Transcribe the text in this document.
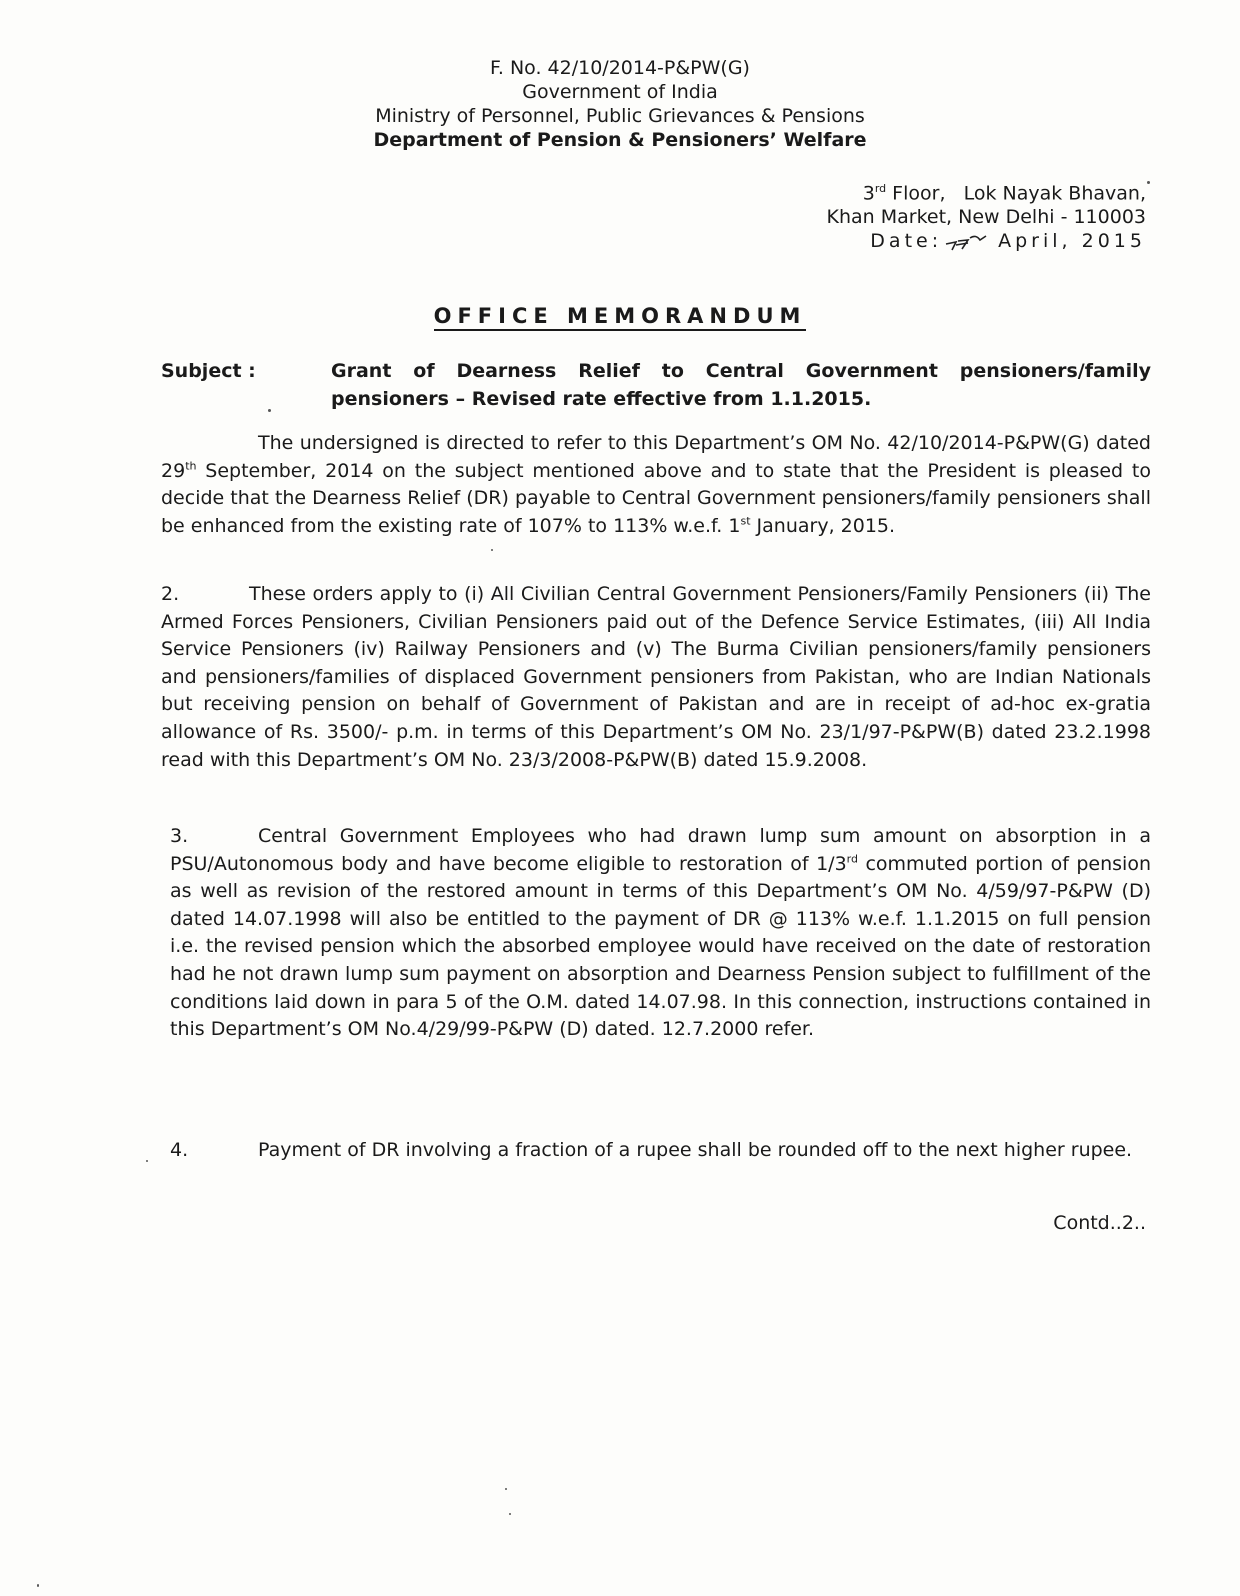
F. No. 42/10/2014-P&PW(G)
Government of India
Ministry of Personnel, Public Grievances & Pensions
Department of Pension & Pensioners’ Welfare
3rd Floor,   Lok Nayak Bhavan,
Khan Market, New Delhi - 110003
Date:	April, 2015
OFFICE MEMORANDUM
Subject :	Grant of Dearness Relief to Central Government pensioners/family pensioners – Revised rate effective from 1.1.2015.
The undersigned is directed to refer to this Department’s OM No. 42/10/2014-P&PW(G) dated 29th September, 2014 on the subject mentioned above and to state that the President is pleased to decide that the Dearness Relief (DR) payable to Central Government pensioners/family pensioners shall be enhanced from the existing rate of 107% to 113% w.e.f. 1st January, 2015.
2.	These orders apply to (i) All Civilian Central Government Pensioners/Family Pensioners (ii) The Armed Forces Pensioners, Civilian Pensioners paid out of the Defence Service Estimates, (iii) All India Service Pensioners (iv) Railway Pensioners and (v) The Burma Civilian pensioners/family pensioners and pensioners/families of displaced Government pensioners from Pakistan, who are Indian Nationals but receiving pension on behalf of Government of Pakistan and are in receipt of ad-hoc ex-gratia allowance of Rs. 3500/- p.m. in terms of this Department’s OM No. 23/1/97-P&PW(B) dated 23.2.1998 read with this Department’s OM No. 23/3/2008-P&PW(B) dated 15.9.2008.
3.	Central Government Employees who had drawn lump sum amount on absorption in a PSU/Autonomous body and have become eligible to restoration of 1/3rd commuted portion of pension as well as revision of the restored amount in terms of this Department’s OM No. 4/59/97-P&PW (D) dated 14.07.1998 will also be entitled to the payment of DR @ 113% w.e.f. 1.1.2015 on full pension i.e. the revised pension which the absorbed employee would have received on the date of restoration had he not drawn lump sum payment on absorption and Dearness Pension subject to fulfillment of the conditions laid down in para 5 of the O.M. dated 14.07.98. In this connection, instructions contained in this Department’s OM No.4/29/99-P&PW (D) dated. 12.7.2000 refer.
4.	Payment of DR involving a fraction of a rupee shall be rounded off to the next higher rupee.
Contd..2..
